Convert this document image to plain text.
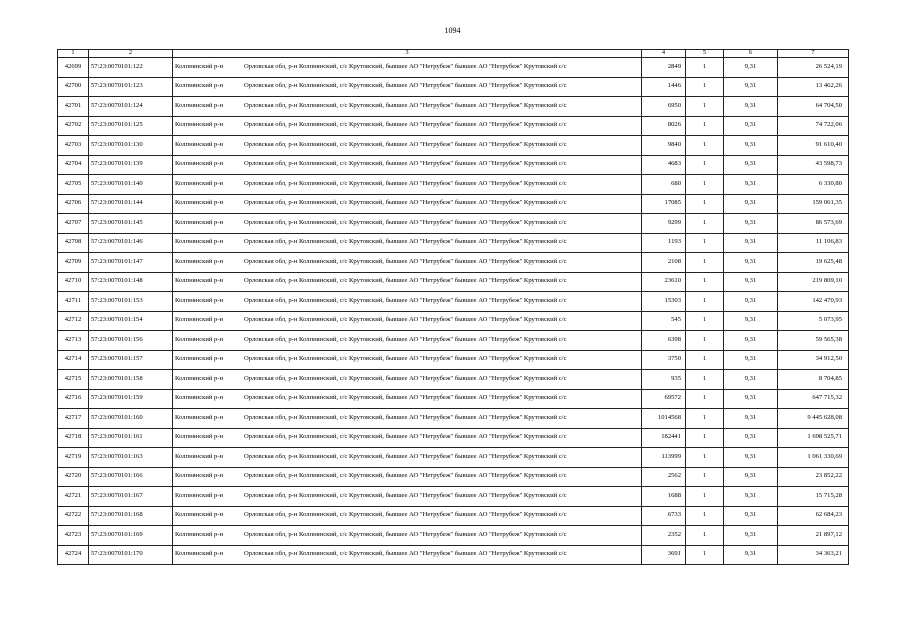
1094
1	2	3	4	5	6	7
42699	57:23:0070101:122	Колпнянский р-н Орловская обл, р-н Колпнянский, с/с Крутовский, бывшее АО "Нетрубеж" бывшее АО "Нетрубеж" Крутовский с/с	2849	1	9,31	26 524,19
42700	57:23:0070101:123	Колпнянский р-н Орловская обл, р-н Колпнянский, с/с Крутовский, бывшее АО "Нетрубеж" бывшее АО "Нетрубеж" Крутовский с/с	1446	1	9,31	13 462,26
42701	57:23:0070101:124	Колпнянский р-н Орловская обл, р-н Колпнянский, с/с Крутовский, бывшее АО "Нетрубеж" бывшее АО "Нетрубеж" Крутовский с/с	6950	1	9,31	64 704,50
42702	57:23:0070101:125	Колпнянский р-н Орловская обл, р-н Колпнянский, с/с Крутовский, бывшее АО "Нетрубеж" бывшее АО "Нетрубеж" Крутовский с/с	8026	1	9,31	74 722,06
42703	57:23:0070101:130	Колпнянский р-н Орловская обл, р-н Колпнянский, с/с Крутовский, бывшее АО "Нетрубеж" бывшее АО "Нетрубеж" Крутовский с/с	9840	1	9,31	91 610,40
42704	57:23:0070101:139	Колпнянский р-н Орловская обл, р-н Колпнянский, с/с Крутовский, бывшее АО "Нетрубеж" бывшее АО "Нетрубеж" Крутовский с/с	4683	1	9,31	43 598,73
42705	57:23:0070101:140	Колпнянский р-н Орловская обл, р-н Колпнянский, с/с Крутовский, бывшее АО "Нетрубеж" бывшее АО "Нетрубеж" Крутовский с/с	680	1	9,31	6 330,80
42706	57:23:0070101:144	Колпнянский р-н Орловская обл, р-н Колпнянский, с/с Крутовский, бывшее АО "Нетрубеж" бывшее АО "Нетрубеж" Крутовский с/с	17085	1	9,31	159 061,35
42707	57:23:0070101:145	Колпнянский р-н Орловская обл, р-н Колпнянский, с/с Крутовский, бывшее АО "Нетрубеж" бывшее АО "Нетрубеж" Крутовский с/с	9299	1	9,31	86 573,69
42708	57:23:0070101:146	Колпнянский р-н Орловская обл, р-н Колпнянский, с/с Крутовский, бывшее АО "Нетрубеж" бывшее АО "Нетрубеж" Крутовский с/с	1193	1	9,31	11 106,83
42709	57:23:0070101:147	Колпнянский р-н Орловская обл, р-н Колпнянский, с/с Крутовский, бывшее АО "Нетрубеж" бывшее АО "Нетрубеж" Крутовский с/с	2108	1	9,31	19 625,48
42710	57:23:0070101:148	Колпнянский р-н Орловская обл, р-н Колпнянский, с/с Крутовский, бывшее АО "Нетрубеж" бывшее АО "Нетрубеж" Крутовский с/с	23610	1	9,31	219 809,10
42711	57:23:0070101:153	Колпнянский р-н Орловская обл, р-н Колпнянский, с/с Крутовский, бывшее АО "Нетрубеж" бывшее АО "Нетрубеж" Крутовский с/с	15303	1	9,31	142 470,93
42712	57:23:0070101:154	Колпнянский р-н Орловская обл, р-н Колпнянский, с/с Крутовский, бывшее АО "Нетрубеж" бывшее АО "Нетрубеж" Крутовский с/с	545	1	9,31	5 073,95
42713	57:23:0070101:156	Колпнянский р-н Орловская обл, р-н Колпнянский, с/с Крутовский, бывшее АО "Нетрубеж" бывшее АО "Нетрубеж" Крутовский с/с	6398	1	9,31	59 565,38
42714	57:23:0070101:157	Колпнянский р-н Орловская обл, р-н Колпнянский, с/с Крутовский, бывшее АО "Нетрубеж" бывшее АО "Нетрубеж" Крутовский с/с	3750	1	9,31	34 912,50
42715	57:23:0070101:158	Колпнянский р-н Орловская обл, р-н Колпнянский, с/с Крутовский, бывшее АО "Нетрубеж" бывшее АО "Нетрубеж" Крутовский с/с	935	1	9,31	8 704,85
42716	57:23:0070101:159	Колпнянский р-н Орловская обл, р-н Колпнянский, с/с Крутовский, бывшее АО "Нетрубеж" бывшее АО "Нетрубеж" Крутовский с/с	69572	1	9,31	647 715,32
42717	57:23:0070101:160	Колпнянский р-н Орловская обл, р-н Колпнянский, с/с Крутовский, бывшее АО "Нетрубеж" бывшее АО "Нетрубеж" Крутовский с/с	1014568	1	9,31	9 445 628,08
42718	57:23:0070101:161	Колпнянский р-н Орловская обл, р-н Колпнянский, с/с Крутовский, бывшее АО "Нетрубеж" бывшее АО "Нетрубеж" Крутовский с/с	182441	1	9,31	1 698 525,71
42719	57:23:0070101:163	Колпнянский р-н Орловская обл, р-н Колпнянский, с/с Крутовский, бывшее АО "Нетрубеж" бывшее АО "Нетрубеж" Крутовский с/с	113999	1	9,31	1 061 330,69
42720	57:23:0070101:166	Колпнянский р-н Орловская обл, р-н Колпнянский, с/с Крутовский, бывшее АО "Нетрубеж" бывшее АО "Нетрубеж" Крутовский с/с	2562	1	9,31	23 852,22
42721	57:23:0070101:167	Колпнянский р-н Орловская обл, р-н Колпнянский, с/с Крутовский, бывшее АО "Нетрубеж" бывшее АО "Нетрубеж" Крутовский с/с	1688	1	9,31	15 715,28
42722	57:23:0070101:168	Колпнянский р-н Орловская обл, р-н Колпнянский, с/с Крутовский, бывшее АО "Нетрубеж" бывшее АО "Нетрубеж" Крутовский с/с	6733	1	9,31	62 684,23
42723	57:23:0070101:169	Колпнянский р-н Орловская обл, р-н Колпнянский, с/с Крутовский, бывшее АО "Нетрубеж" бывшее АО "Нетрубеж" Крутовский с/с	2352	1	9,31	21 897,12
42724	57:23:0070101:170	Колпнянский р-н Орловская обл, р-н Колпнянский, с/с Крутовский, бывшее АО "Нетрубеж" бывшее АО "Нетрубеж" Крутовский с/с	3691	1	9,31	34 363,21
